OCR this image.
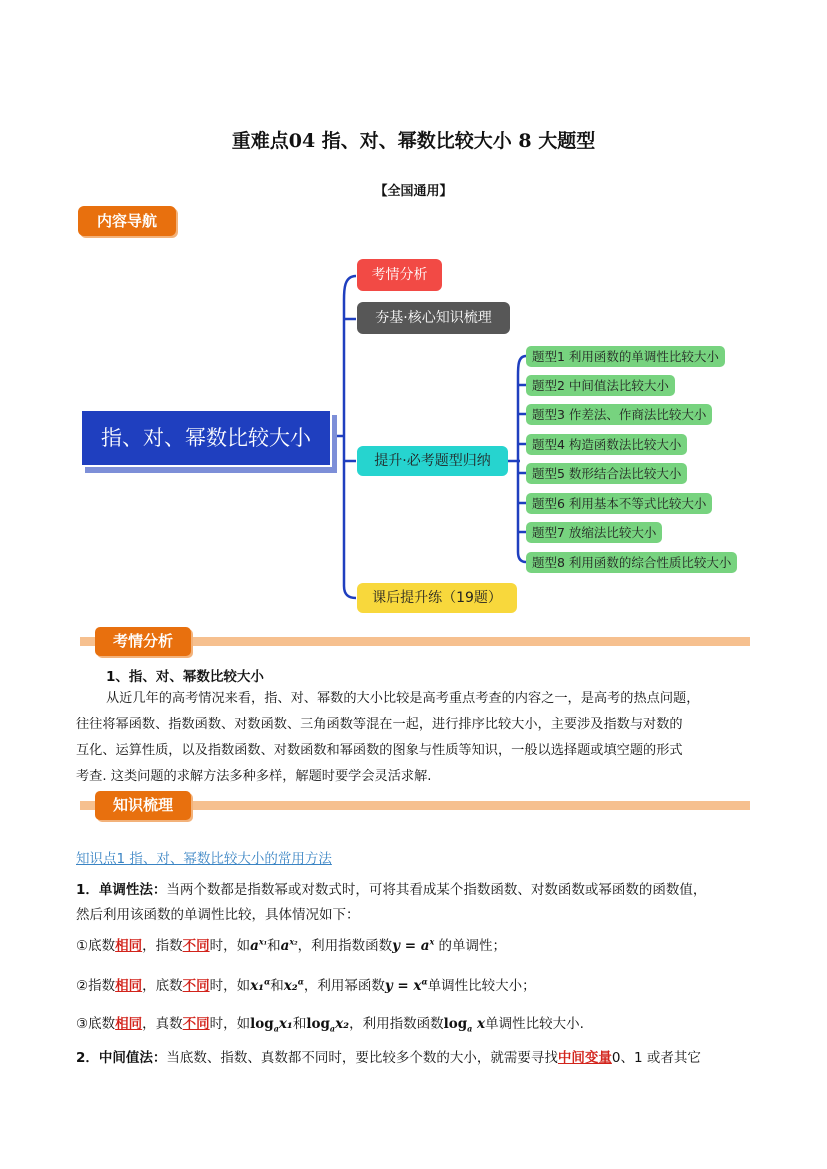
重难点04 指、对、幂数比较大小 8 大题型
【全国通用】
内容导航
指、对、幂数比较大小
考情分析
夯基·核心知识梳理
提升·必考题型归纳
课后提升练（19题）
题型1 利用函数的单调性比较大小
题型2 中间值法比较大小
题型3 作差法、作商法比较大小
题型4 构造函数法比较大小
题型5 数形结合法比较大小
题型6 利用基本不等式比较大小
题型7 放缩法比较大小
题型8 利用函数的综合性质比较大小
考情分析
1、指、对、幂数比较大小
从近几年的高考情况来看，指、对、幂数的大小比较是高考重点考查的内容之一，是高考的热点问题，
往往将幂函数、指数函数、对数函数、三角函数等混在一起，进行排序比较大小，主要涉及指数与对数的
互化、运算性质，以及指数函数、对数函数和幂函数的图象与性质等知识，一般以选择题或填空题的形式
考查. 这类问题的求解方法多种多样，解题时要学会灵活求解.
知识梳理
知识点1 指、对、幂数比较大小的常用方法
1．单调性法：当两个数都是指数幂或对数式时，可将其看成某个指数函数、对数函数或幂函数的函数值，
然后利用该函数的单调性比较，具体情况如下：
①底数相同，指数不同时，如$a^{x_1}$和$a^{x_2}$，利用指数函数$y = a^x$ 的单调性；
②指数相同，底数不同时，如x₁$^\alpha$和x₂$^\alpha$，利用幂函数$y = x^\alpha$单调性比较大小；
③底数相同，真数不同时，如$\log_ax_1$和$\log_ax_2$，利用指数函数$\log_a x$单调性比较大小.
2．中间值法：当底数、指数、真数都不同时，要比较多个数的大小，就需要寻找中间变量0、1 或者其它
